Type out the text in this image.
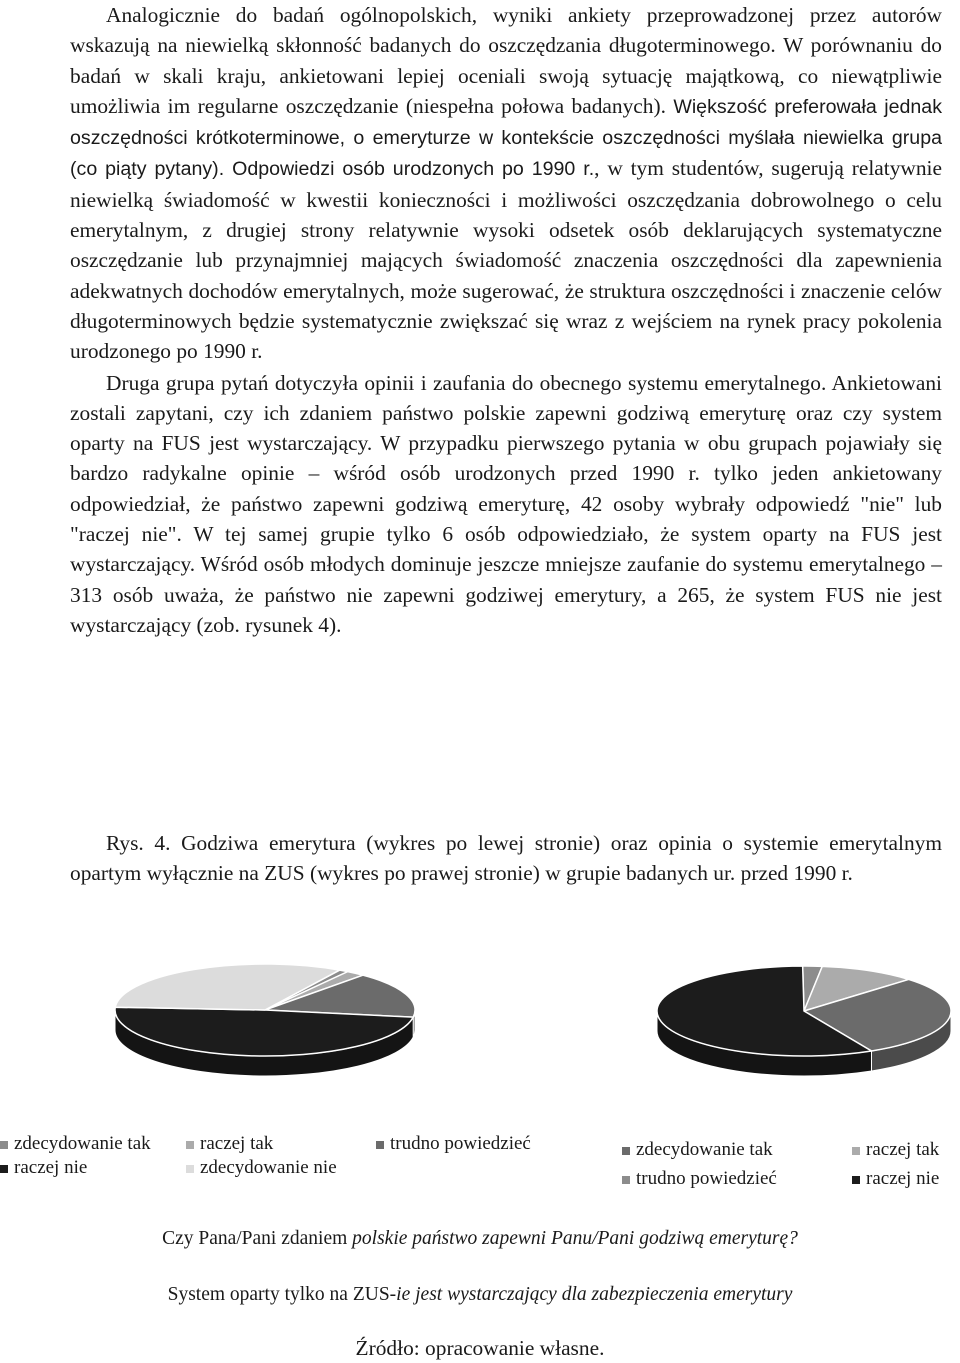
Analogicznie do badań ogólnopolskich, wyniki ankiety przeprowadzonej przez autorów wskazują na niewielką skłonność badanych do oszczędzania długoterminowego. W porównaniu do badań w skali kraju, ankietowani lepiej oceniali swoją sytuację majątkową, co niewątpliwie umożliwia im regularne oszczędzanie (niespełna połowa badanych). Większość preferowała jednak oszczędności krótkoterminowe, o emeryturze w kontekście oszczędności myślała niewielka grupa (co piąty pytany). Odpowiedzi osób urodzonych po 1990 r., w tym studentów, sugerują relatywnie niewielką świadomość w kwestii konieczności i możliwości oszczędzania dobrowolnego o celu emerytalnym, z drugiej strony relatywnie wysoki odsetek osób deklarujących systematyczne oszczędzanie lub przynajmniej mających świadomość znaczenia oszczędności dla zapewnienia adekwatnych dochodów emerytalnych, może sugerować, że struktura oszczędności i znaczenie celów długoterminowych będzie systematycznie zwiększać się wraz z wejściem na rynek pracy pokolenia urodzonego po 1990 r.

Druga grupa pytań dotyczyła opinii i zaufania do obecnego systemu emerytalnego. Ankietowani zostali zapytani, czy ich zdaniem państwo polskie zapewni godziwą emeryturę oraz czy system oparty na FUS jest wystarczający. W przypadku pierwszego pytania w obu grupach pojawiały się bardzo radykalne opinie – wśród osób urodzonych przed 1990 r. tylko jeden ankietowany odpowiedział, że państwo zapewni godziwą emeryturę, 42 osoby wybrały odpowiedź "nie" lub "raczej nie". W tej samej grupie tylko 6 osób odpowiedziało, że system oparty na FUS jest wystarczający. Wśród osób młodych dominuje jeszcze mniejsze zaufanie do systemu emerytalnego – 313 osób uważa, że państwo nie zapewni godziwej emerytury, a 265, że system FUS nie jest wystarczający (zob. rysunek 4).

Rys. 4. Godziwa emerytura (wykres po lewej stronie) oraz opinia o systemie emerytalnym opartym wyłącznie na ZUS (wykres po prawej stronie) w grupie badanych ur. przed 1990 r.

zdecydowanie tak	raczej tak	trudno powiedzieć
raczej nie	zdecydowanie nie
zdecydowanie tak	raczej tak
trudno powiedzieć	raczej nie
Czy Pana/Pani zdaniem polskie państwo zapewni Panu/Pani godziwą emeryturę?
System oparty tylko na ZUS-ie jest wystarczający dla zabezpieczenia emerytury
Źródło: opracowanie własne.
